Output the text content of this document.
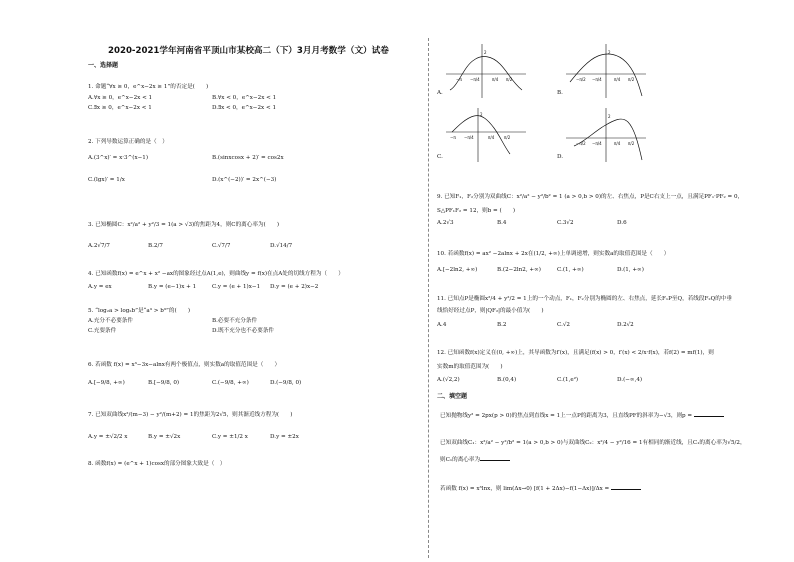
2020-2021学年河南省平顶山市某校高二（下）3月月考数学（文）试卷
一、选择题
1. 命题“∀x ≥ 0，e^x−2x ≥ 1”的否定是(　　)
A.∀x ≥ 0，e^x−2x < 1	B.∀x < 0，e^x−2x < 1
C.∃x ≥ 0，e^x−2x < 1	D.∃x < 0，e^x−2x < 1
2. 下列导数运算正确的是（　）
A.(3^x)′ = x·3^(x−1)	B.(sinxcosx + 2)′ = cos2x
C.(lgx)′ = 1/x	D.(x^(−2))′ = 2x^(−3)
3. 已知椭圆C：x²/a² + y²/3 = 1(a > √3)的焦距为4，则C的离心率为(　　)
A.2√7/7	B.2/7	C.√7/7	D.√14/7
4. 已知函数f(x) = e^x + x² −ax的图象经过点A(1,e)，则曲线y = f(x)在点A处的切线方程为（　　）
A.y = ex	B.y = (e−1)x + 1	C.y = (e + 1)x−1 D.y = (e + 2)x−2
5. “log₂a > log₂b”是“a³ > b³”的(　　)
A.充分不必要条件	B.必要不充分条件
C.充要条件	D.既不充分也不必要条件
6. 若函数 f(x) = x³−3x−alnx有两个极值点，则实数a的取值范围是（　　）
A.[−9/8, +∞)	B.[−9/8, 0)	C.(−9/8, +∞)	D.(−9/8, 0)
7. 已知双曲线x²/(m−3) − y²/(m+2) = 1的焦距为2√5，则其渐近线方程为(　　)
A.y = ±√2/2 x	B.y = ±√2x	C.y = ±1/2 x	D.y = ±2x
8. 函数f(x) = (e^x + 1)cosx的部分图象大致是（　）
2
−π −π/4	π/4 π/2
A.
2
−π/2 −π/4	π/4 π/2
B.
2
−π −π/4	π/4 π/2
C.
2
−π/2 −π/4	π/4 π/2
D.
9. 已知F₁，F₂分别为双曲线C：x²/a² − y²/b² = 1 (a > 0,b > 0)的左、右焦点，P是C右支上一点，且满足PF₁·PF₂ = 0，
S△PF₁F₂ = 12，则b = (　　)
A.2√3	B.4	C.3√2	D.6
10. 若函数f(x) = ax² −2alnx + 2x在(1/2, +∞)上单调递增，则实数a的取值范围是（　　）
A.[−2ln2, +∞)	B.(2−2ln2, +∞)	C.(1, +∞)	D.(1, +∞)
11. 已知点P是椭圆x²/4 + y²/2 = 1上的一个动点，F₁，F₂分别为椭圆的左、右焦点，延长F₁P至Q，若线段F₂Q的中垂
线恰好经过点P，则|QF₂|的最小值为(　　)
A.4	B.2	C.√2	D.2√2
12. 已知函数f(x)定义在(0, +∞)上，其导函数为f′(x)，且满足(f(x) > 0，f′(x) < 2/x·f(x)，若f(2) = mf(1)，则
实数m的取值范围为(　　)
A.(√2,2)	B.(0,4)	C.(1,e²)	D.(−∞,4)
二、填空题
已知抛物线y² = 2px(p > 0)的焦点到直线x = 1上一点P的距离为3，且直线PF的斜率为−√3，则p =
已知双曲线C₁：x²/a² − y²/b² = 1(a > 0,b > 0)与双曲线C₂：x²/4 − y²/16 = 1有相同的渐近线，且C₁的离心率为√5/2，
则C₁的离心率为
若函数 f(x) = x³lnx，则 lim(Δx→0) [f(1 + 2Δx)−f(1−Δx)]/Δx =
